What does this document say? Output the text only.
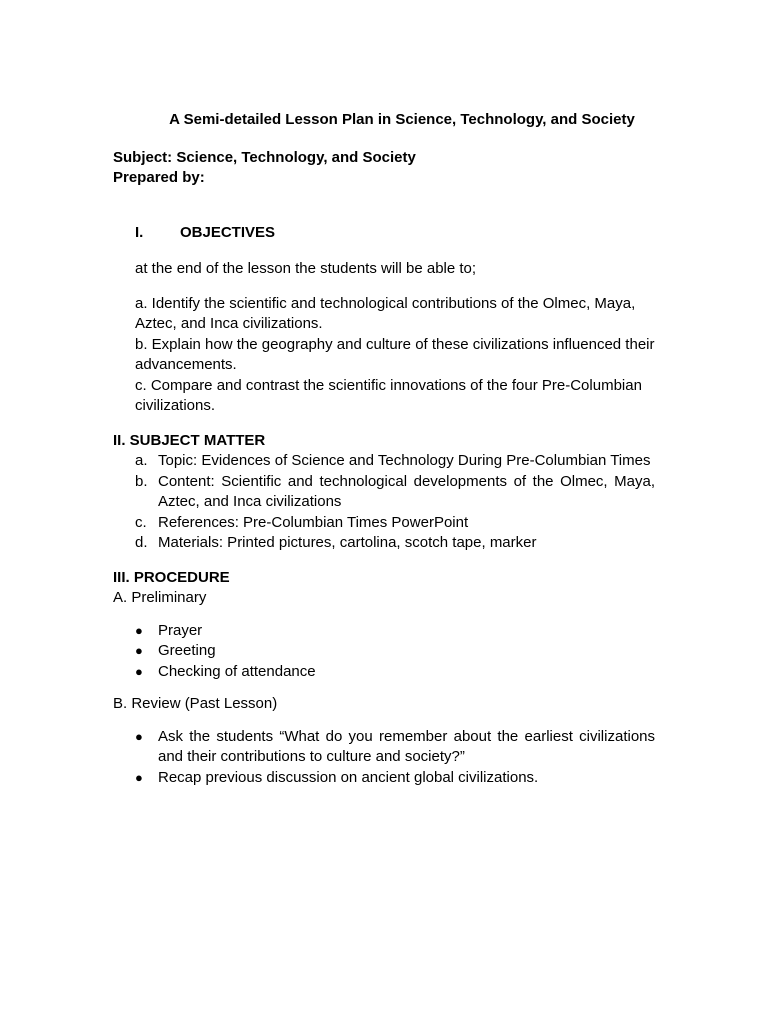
A Semi-detailed Lesson Plan in Science, Technology, and Society
Subject: Science, Technology, and Society
Prepared by:
I.	OBJECTIVES
at the end of the lesson the students will be able to;
a. Identify the scientific and technological contributions of the Olmec, Maya, Aztec, and Inca civilizations.
b. Explain how the geography and culture of these civilizations influenced their advancements.
c. Compare and contrast the scientific innovations of the four Pre-Columbian civilizations.
II. SUBJECT MATTER
a. Topic: Evidences of Science and Technology During Pre-Columbian Times
b. Content: Scientific and technological developments of the Olmec, Maya, Aztec, and Inca civilizations
c. References: Pre-Columbian Times PowerPoint
d. Materials: Printed pictures, cartolina, scotch tape, marker
III. PROCEDURE
A. Preliminary
●	Prayer
●	Greeting
●	Checking of attendance
B. Review (Past Lesson)
●	Ask the students “What do you remember about the earliest civilizations and their contributions to culture and society?”
●	Recap previous discussion on ancient global civilizations.
